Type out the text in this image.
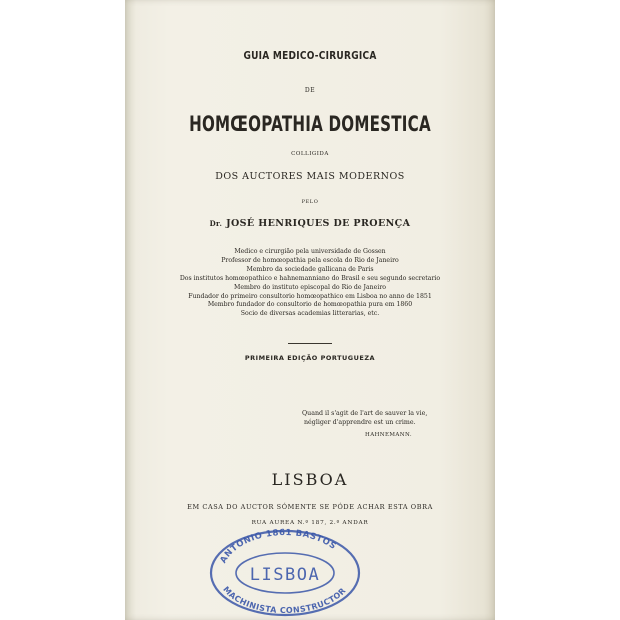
GUIA MEDICO-CIRURGICA
DE
HOMŒOPATHIA DOMESTICA
COLLIGIDA
DOS AUCTORES MAIS MODERNOS
PELO
Dr. JOSÉ HENRIQUES DE PROENÇA
Medico e cirurgião pela universidade de Gossen
Professor de homœopathia pela escola do Rio de Janeiro
Membro da sociedade gallicana de Paris
Dos institutos homœopathico e hahnemanniano do Brasil e seu segundo secretario
Membro do instituto episcopal do Rio de Janeiro
Fundador do primeiro consultorio homœopathico em Lisboa no anno de 1851
Membro fundador do consultorio de homœopathia pura em 1860
Socio de diversas academias litterarias, etc.
PRIMEIRA EDIÇÃO PORTUGUEZA
Quand il s'agit de l'art de sauver la vie,
négliger d'apprendre est un crime.
HAHNEMANN.
LISBOA
EM CASA DO AUCTOR SÓMENTE SE PÓDE ACHAR ESTA OBRA
RUA AUREA N.º 187, 2.º ANDAR
ANTONIO 1861 BASTOS
LISBOA
MACHINISTA CONSTRUCTOR
